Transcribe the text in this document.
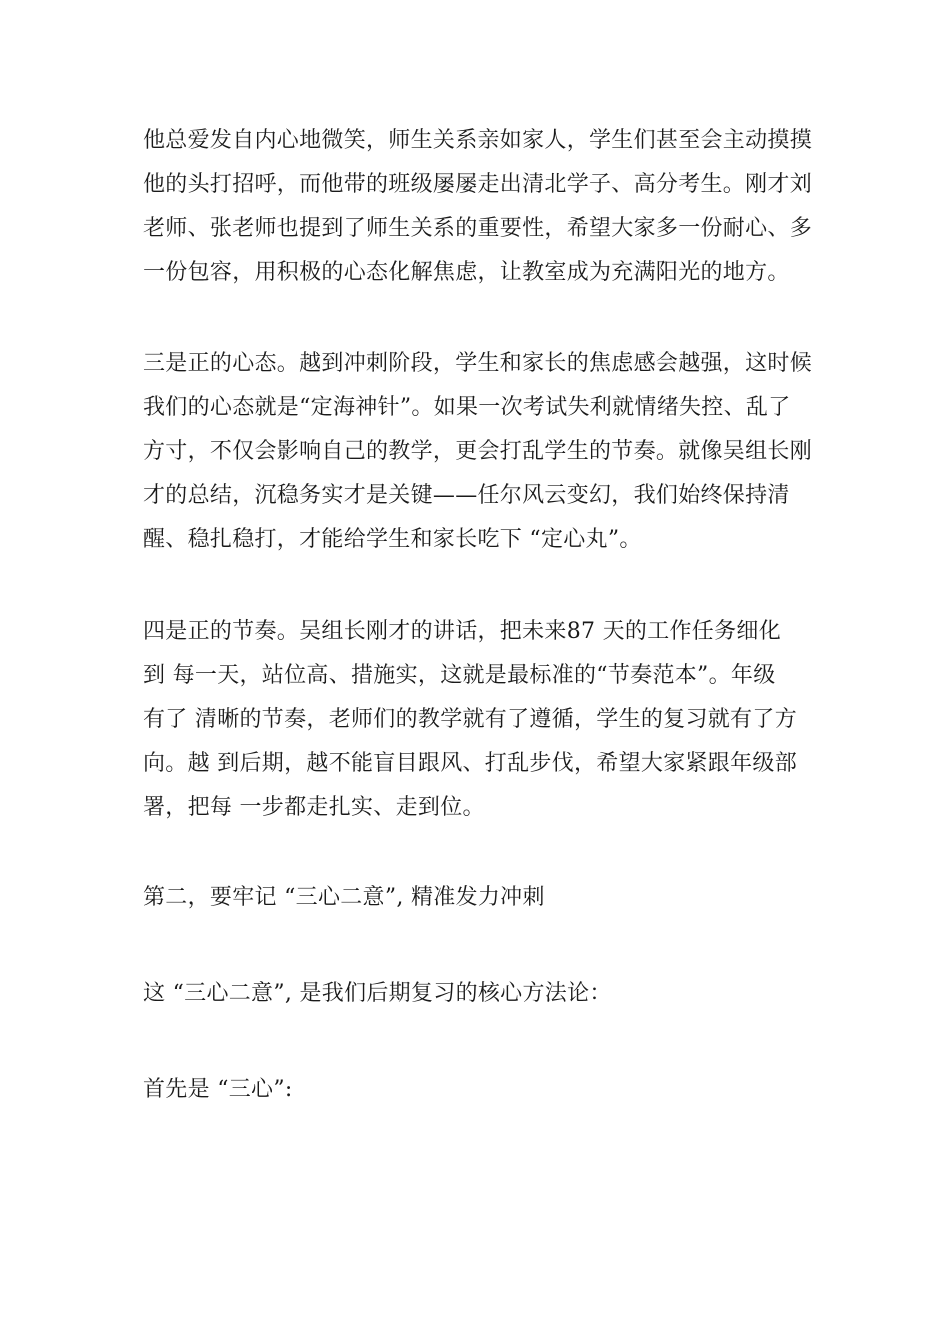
他总爱发自内心地微笑，师生关系亲如家人，学生们甚至会主动摸摸
他的头打招呼，而他带的班级屡屡走出清北学子、高分考生。刚才刘
老师、张老师也提到了师生关系的重要性，希望大家多一份耐心、多
一份包容，用积极的心态化解焦虑，让教室成为充满阳光的地方。
三是正的心态。越到冲刺阶段，学生和家长的焦虑感会越强，这时候
我们的心态就是“定海神针”。如果一次考试失利就情绪失控、乱了
方寸，不仅会影响自己的教学，更会打乱学生的节奏。就像吴组长刚
才的总结，沉稳务实才是关键——任尔风云变幻，我们始终保持清
醒、稳扎稳打，才能给学生和家长吃下 “定心丸”。
四是正的节奏。吴组长刚才的讲话，把未来87 天的工作任务细化
到 每一天，站位高、措施实，这就是最标准的“节奏范本”。年级
有了 清晰的节奏，老师们的教学就有了遵循，学生的复习就有了方
向。越 到后期，越不能盲目跟风、打乱步伐，希望大家紧跟年级部
署，把每 一步都走扎实、走到位。
第二，要牢记 “三心二意”, 精准发力冲刺
这 “三心二意”, 是我们后期复习的核心方法论：
首先是 “三心”:
